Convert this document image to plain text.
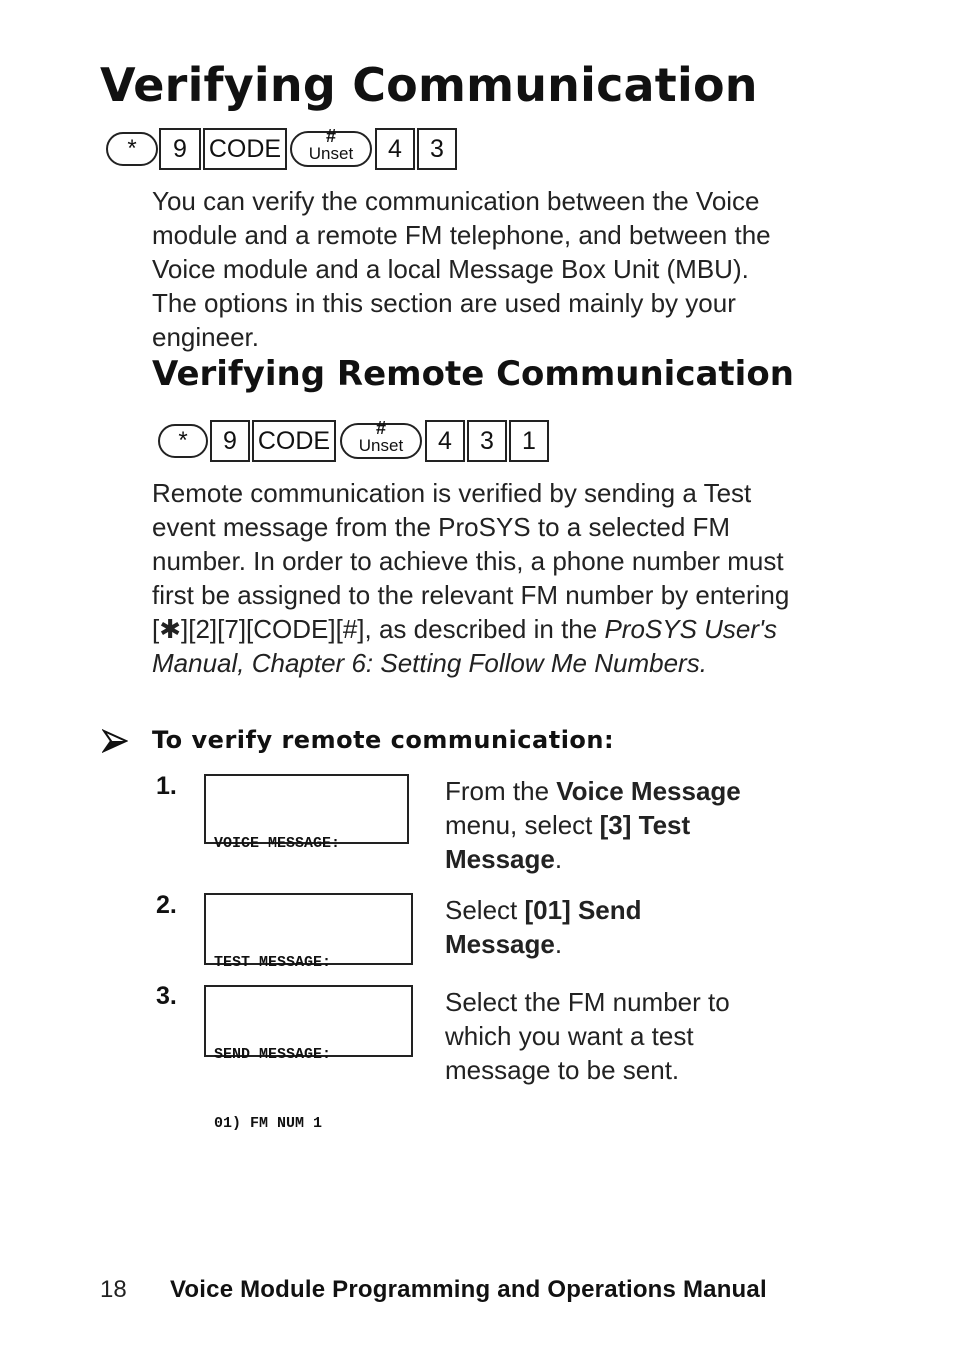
Verifying Communication
*	9 CODE	#
Unset	4	3

You can verify the communication between the Voice module and a remote FM telephone, and between the Voice module and a local Message Box Unit (MBU). The options in this section are used mainly by your engineer.

Verifying Remote Communication
*	9 CODE	#
Unset	4	3	1

Remote communication is verified by sending a Test event message from the ProSYS to a selected FM number. In order to achieve this, a phone number must first be assigned to the relevant FM number by entering [✱][2][7][CODE][#], as described in the ProSYS User's Manual, Chapter 6: Setting Follow Me Numbers.

To verify remote communication:

1.

VOICE MESSAGE:

From the Voice Message menu, select [3] Test Message.

2.

TEST MESSAGE:

Select [01] Send Message.

3.

SEND MESSAGE:

01) FM NUM 1

Select the FM number to which you want a test message to be sent.

18 Voice Module Programming and Operations Manual
